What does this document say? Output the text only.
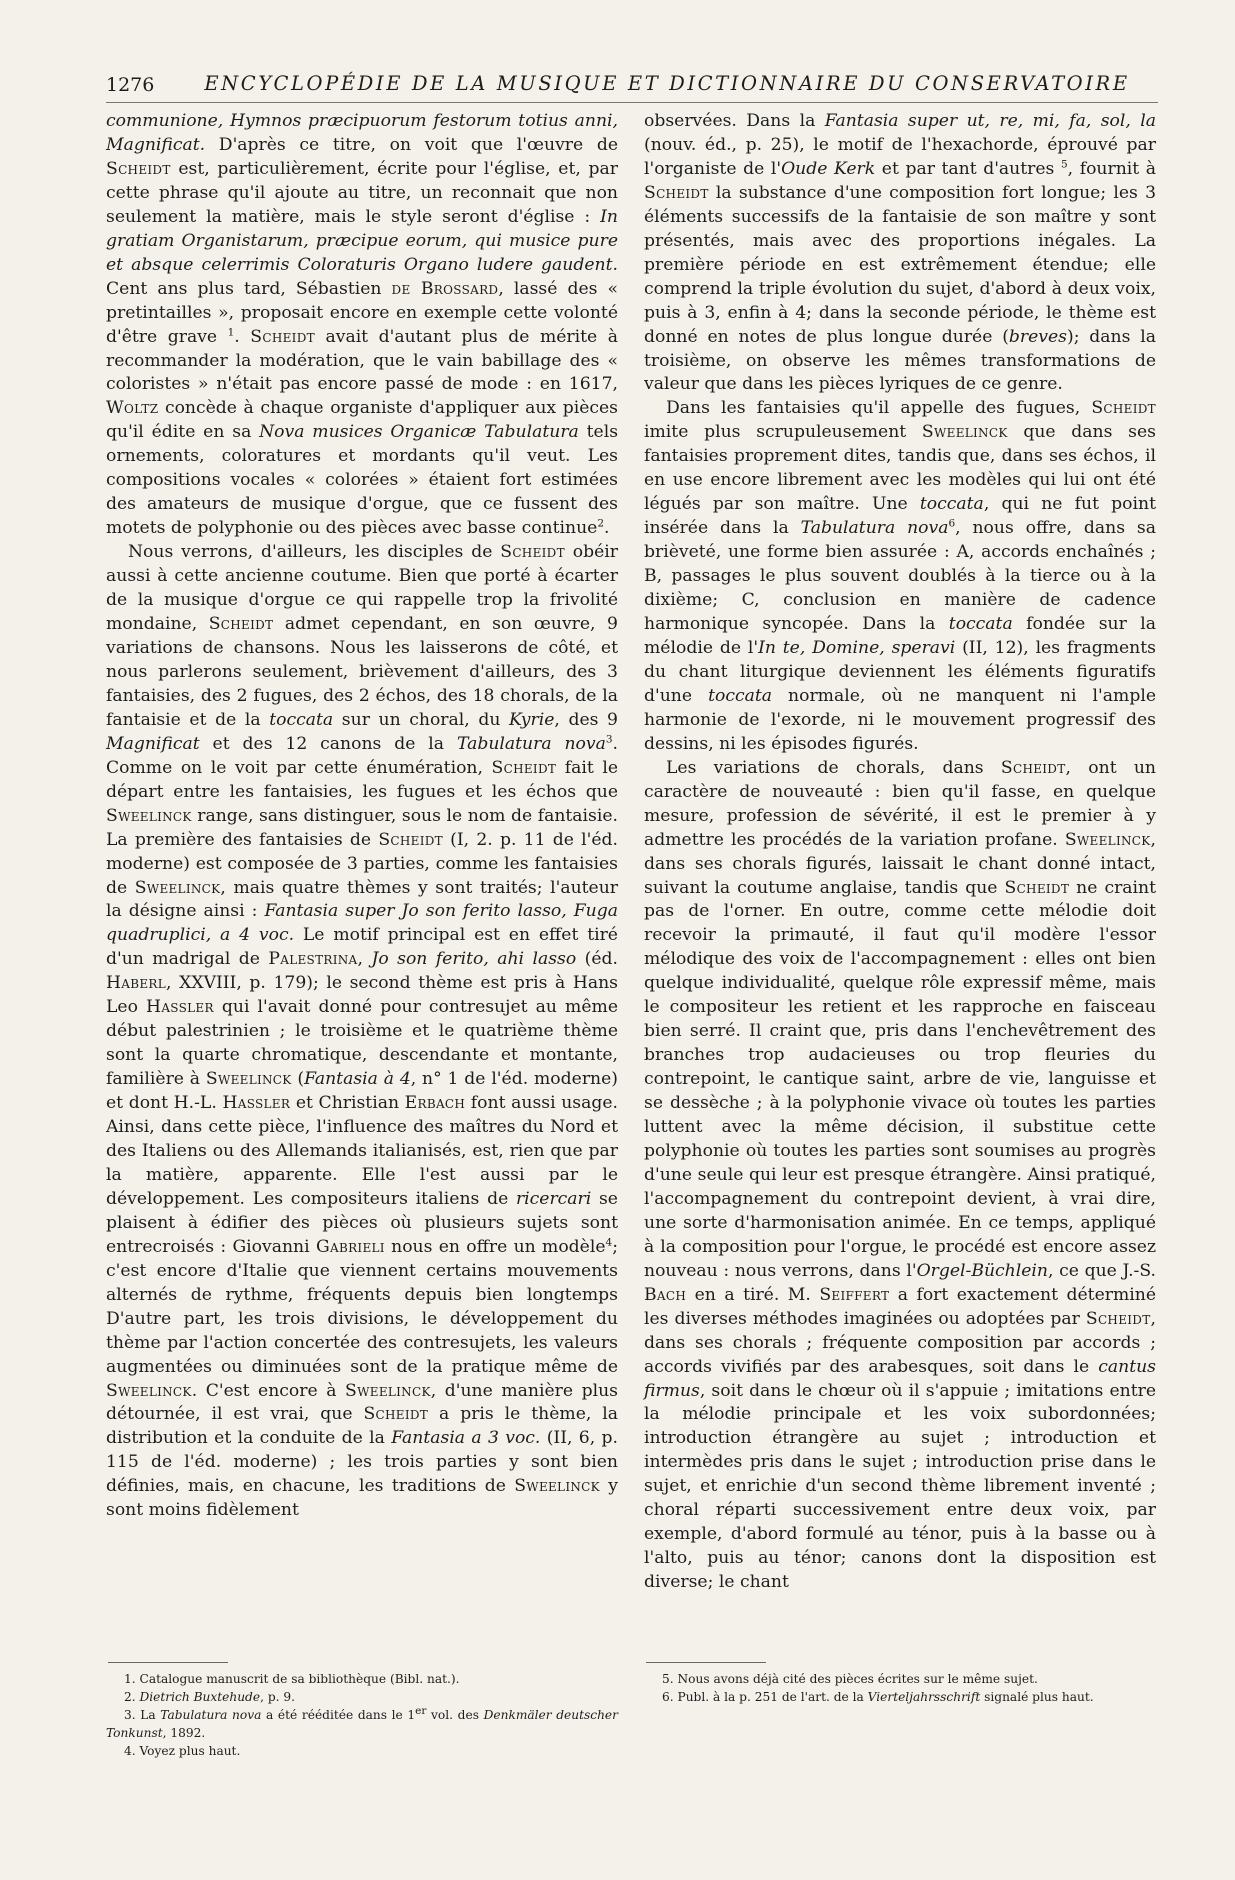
1276	ENCYCLOPÉDIE DE LA MUSIQUE ET DICTIONNAIRE DU CONSERVATOIRE

communione, Hymnos præcipuorum festorum totius anni, Magnificat. D'après ce titre, on voit que l'œuvre de Scheidt est, particulièrement, écrite pour l'église, et, par cette phrase qu'il ajoute au titre, un reconnait que non seulement la matière, mais le style seront d'église : In gratiam Organistarum, præcipue eorum, qui musice pure et absque celerrimis Coloraturis Organo ludere gaudent. Cent ans plus tard, Sébastien de Brossard, lassé des « pretintailles », proposait encore en exemple cette volonté d'être grave $^1$. Scheidt avait d'autant plus de mérite à recommander la modération, que le vain babillage des « coloristes » n'était pas encore passé de mode : en 1617, Woltz concède à chaque organiste d'appliquer aux pièces qu'il édite en sa Nova musices Organicæ Tabulatura tels ornements, coloratures et mordants qu'il veut. Les compositions vocales « colorées » étaient fort estimées des amateurs de musique d'orgue, que ce fussent des motets de polyphonie ou des pièces avec basse continue$^2$.

Nous verrons, d'ailleurs, les disciples de Scheidt obéir aussi à cette ancienne coutume. Bien que porté à écarter de la musique d'orgue ce qui rappelle trop la frivolité mondaine, Scheidt admet cependant, en son œuvre, 9 variations de chansons. Nous les laisserons de côté, et nous parlerons seulement, brièvement d'ailleurs, des 3 fantaisies, des 2 fugues, des 2 échos, des 18 chorals, de la fantaisie et de la toccata sur un choral, du Kyrie, des 9 Magnificat et des 12 canons de la Tabulatura nova$^3$. Comme on le voit par cette énumération, Scheidt fait le départ entre les fantaisies, les fugues et les échos que Sweelinck range, sans distinguer, sous le nom de fantaisie. La première des fantaisies de Scheidt (I, 2. p. 11 de l'éd. moderne) est composée de 3 parties, comme les fantaisies de Sweelinck, mais quatre thèmes y sont traités; l'auteur la désigne ainsi : Fantasia super Jo son ferito lasso, Fuga quadruplici, a 4 voc. Le motif principal est en effet tiré d'un madrigal de Palestrina, Jo son ferito, ahi lasso (éd. Haberl, XXVIII, p. 179); le second thème est pris à Hans Leo Hassler qui l'avait donné pour contresujet au même début palestrinien ; le troisième et le quatrième thème sont la quarte chromatique, descendante et montante, familière à Sweelinck (Fantasia à 4, n° 1 de l'éd. moderne) et dont H.-L. Hassler et Christian Erbach font aussi usage. Ainsi, dans cette pièce, l'influence des maîtres du Nord et des Italiens ou des Allemands italianisés, est, rien que par la matière, apparente. Elle l'est aussi par le développement. Les compositeurs italiens de ricercari se plaisent à édifier des pièces où plusieurs sujets sont entrecroisés : Giovanni Gabrieli nous en offre un modèle$^4$; c'est encore d'Italie que viennent certains mouvements alternés de rythme, fréquents depuis bien longtemps D'autre part, les trois divisions, le développement du thème par l'action concertée des contresujets, les valeurs augmentées ou diminuées sont de la pratique même de Sweelinck. C'est encore à Sweelinck, d'une manière plus détournée, il est vrai, que Scheidt a pris le thème, la distribution et la conduite de la Fantasia a 3 voc. (II, 6, p. 115 de l'éd. moderne) ; les trois parties y sont bien définies, mais, en chacune, les traditions de Sweelinck y sont moins fidèlement

observées. Dans la Fantasia super ut, re, mi, fa, sol, la (nouv. éd., p. 25), le motif de l'hexachorde, éprouvé par l'organiste de l'Oude Kerk et par tant d'autres $^5$, fournit à Scheidt la substance d'une composition fort longue; les 3 éléments successifs de la fantaisie de son maître y sont présentés, mais avec des proportions inégales. La première période en est extrêmement étendue; elle comprend la triple évolution du sujet, d'abord à deux voix, puis à 3, enfin à 4; dans la seconde période, le thème est donné en notes de plus longue durée (breves); dans la troisième, on observe les mêmes transformations de valeur que dans les pièces lyriques de ce genre.

Dans les fantaisies qu'il appelle des fugues, Scheidt imite plus scrupuleusement Sweelinck que dans ses fantaisies proprement dites, tandis que, dans ses échos, il en use encore librement avec les modèles qui lui ont été légués par son maître. Une toccata, qui ne fut point insérée dans la Tabulatura nova$^6$, nous offre, dans sa brièveté, une forme bien assurée : A, accords enchaînés ; B, passages le plus souvent doublés à la tierce ou à la dixième; C, conclusion en manière de cadence harmonique syncopée. Dans la toccata fondée sur la mélodie de l'In te, Domine, speravi (II, 12), les fragments du chant liturgique deviennent les éléments figuratifs d'une toccata normale, où ne manquent ni l'ample harmonie de l'exorde, ni le mouvement progressif des dessins, ni les épisodes figurés.

Les variations de chorals, dans Scheidt, ont un caractère de nouveauté : bien qu'il fasse, en quelque mesure, profession de sévérité, il est le premier à y admettre les procédés de la variation profane. Sweelinck, dans ses chorals figurés, laissait le chant donné intact, suivant la coutume anglaise, tandis que Scheidt ne craint pas de l'orner. En outre, comme cette mélodie doit recevoir la primauté, il faut qu'il modère l'essor mélodique des voix de l'accompagnement : elles ont bien quelque individualité, quelque rôle expressif même, mais le compositeur les retient et les rapproche en faisceau bien serré. Il craint que, pris dans l'enchevêtrement des branches trop audacieuses ou trop fleuries du contrepoint, le cantique saint, arbre de vie, languisse et se dessèche ; à la polyphonie vivace où toutes les parties luttent avec la même décision, il substitue cette polyphonie où toutes les parties sont soumises au progrès d'une seule qui leur est presque étrangère. Ainsi pratiqué, l'accompagnement du contrepoint devient, à vrai dire, une sorte d'harmonisation animée. En ce temps, appliqué à la composition pour l'orgue, le procédé est encore assez nouveau : nous verrons, dans l'Orgel-Büchlein, ce que J.-S. Bach en a tiré. M. Seiffert a fort exactement déterminé les diverses méthodes imaginées ou adoptées par Scheidt, dans ses chorals ; fréquente composition par accords ; accords vivifiés par des arabesques, soit dans le cantus firmus, soit dans le chœur où il s'appuie ; imitations entre la mélodie principale et les voix subordonnées; introduction étrangère au sujet ; introduction et intermèdes pris dans le sujet ; introduction prise dans le sujet, et enrichie d'un second thème librement inventé ; choral réparti successivement entre deux voix, par exemple, d'abord formulé au ténor, puis à la basse ou à l'alto, puis au ténor; canons dont la disposition est diverse; le chant

1. Catalogue manuscrit de sa bibliothèque (Bibl. nat.).

2. Dietrich Buxtehude, p. 9.

3. La Tabulatura nova a été rééditée dans le 1er vol. des Denkmäler deutscher Tonkunst, 1892.

4. Voyez plus haut.

5. Nous avons déjà cité des pièces écrites sur le même sujet.

6. Publ. à la p. 251 de l'art. de la Vierteljahrsschrift signalé plus haut.
